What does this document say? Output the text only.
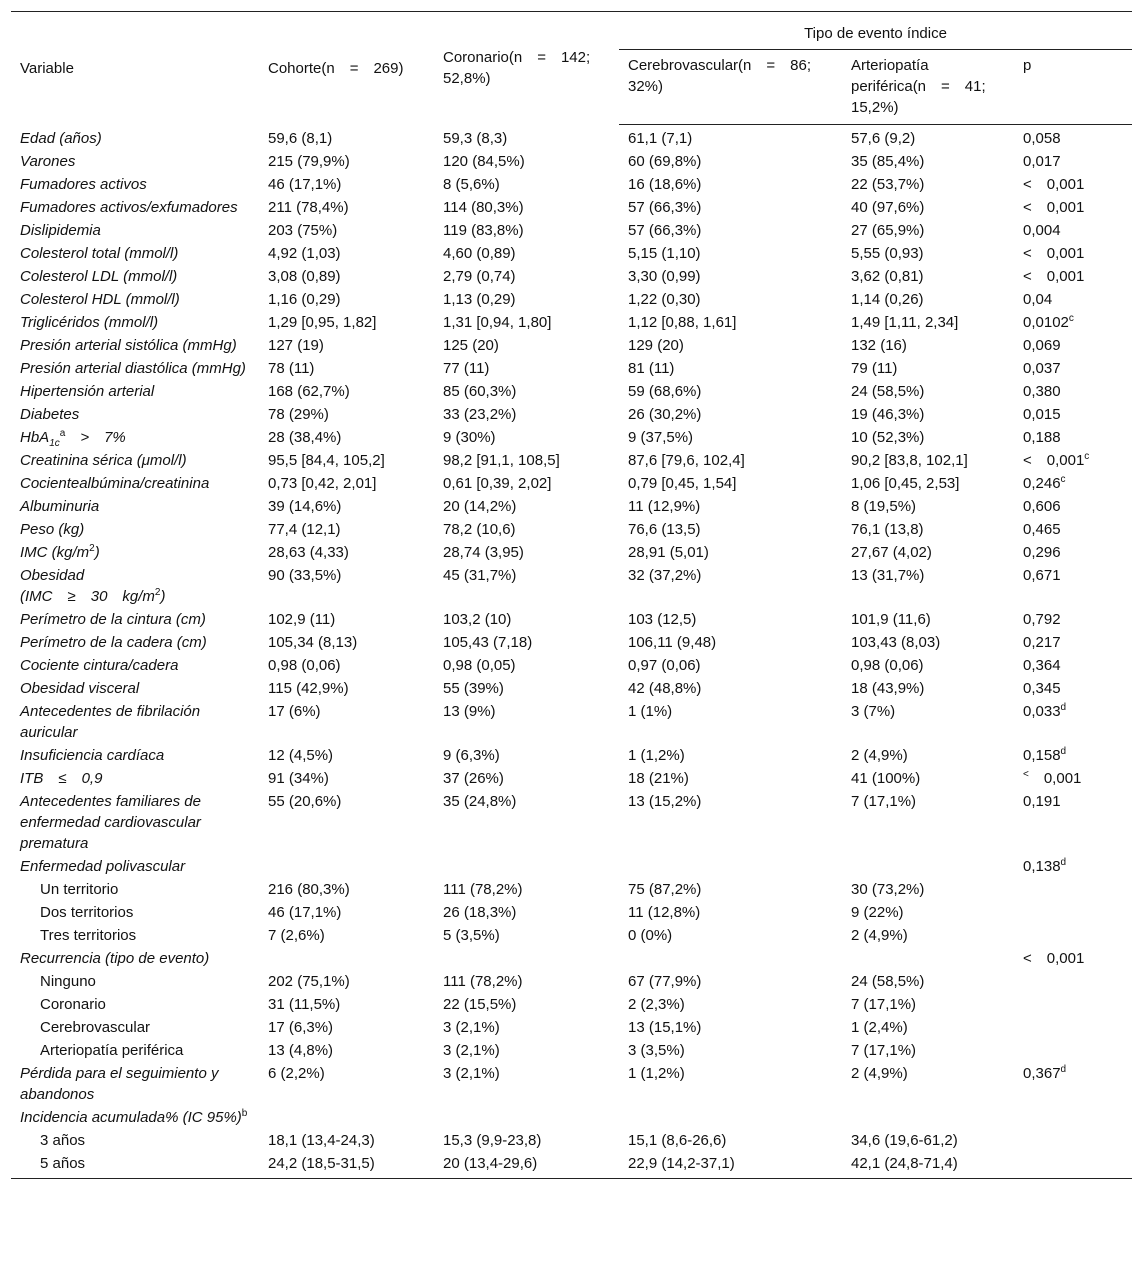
Variable	Cohorte(n = 269)	Coronario(n = 142; 52,8%)	Tipo de evento índice		
			Cerebrovascular(n = 86; 32%)	Arteriopatía periférica(n = 41; 15,2%)	p
Edad (años)	59,6 (8,1)	59,3 (8,3)	61,1 (7,1)	57,6 (9,2)	0,058
Varones	215 (79,9%)	120 (84,5%)	60 (69,8%)	35 (85,4%)	0,017
Fumadores activos	46 (17,1%)	8 (5,6%)	16 (18,6%)	22 (53,7%)	< 0,001
Fumadores activos/exfumadores	211 (78,4%)	114 (80,3%)	57 (66,3%)	40 (97,6%)	< 0,001
Dislipidemia	203 (75%)	119 (83,8%)	57 (66,3%)	27 (65,9%)	0,004
Colesterol total (mmol/l)	4,92 (1,03)	4,60 (0,89)	5,15 (1,10)	5,55 (0,93)	< 0,001
Colesterol LDL (mmol/l)	3,08 (0,89)	2,79 (0,74)	3,30 (0,99)	3,62 (0,81)	< 0,001
Colesterol HDL (mmol/l)	1,16 (0,29)	1,13 (0,29)	1,22 (0,30)	1,14 (0,26)	0,04
Triglicéridos (mmol/l)	1,29 [0,95, 1,82]	1,31 [0,94, 1,80]	1,12 [0,88, 1,61]	1,49 [1,11, 2,34]	0,0102$^c$
Presión arterial sistólica (mmHg)	127 (19)	125 (20)	129 (20)	132 (16)	0,069
Presión arterial diastólica (mmHg)	78 (11)	77 (11)	81 (11)	79 (11)	0,037
Hipertensión arterial	168 (62,7%)	85 (60,3%)	59 (68,6%)	24 (58,5%)	0,380
Diabetes	78 (29%)	33 (23,2%)	26 (30,2%)	19 (46,3%)	0,015
HbA$_{1c}^a$ > 7%	28 (38,4%)	9 (30%)	9 (37,5%)	10 (52,3%)	0,188
Creatinina sérica (μmol/l)	95,5 [84,4, 105,2]	98,2 [91,1, 108,5]	87,6 [79,6, 102,4]	90,2 [83,8, 102,1]	< 0,001$^c$
Cocientealbúmina/creatinina	0,73 [0,42, 2,01]	0,61 [0,39, 2,02]	0,79 [0,45, 1,54]	1,06 [0,45, 2,53]	0,246$^c$
Albuminuria	39 (14,6%)	20 (14,2%)	11 (12,9%)	8 (19,5%)	0,606
Peso (kg)	77,4 (12,1)	78,2 (10,6)	76,6 (13,5)	76,1 (13,8)	0,465
IMC $(kg/m^2)$	28,63 (4,33)	28,74 (3,95)	28,91 (5,01)	27,67 (4,02)	0,296
Obesidad
(IMC ≥ 30 $kg/m^2$)	90 (33,5%)	45 (31,7%)	32 (37,2%)	13 (31,7%)	0,671
Perímetro de la cintura (cm)	102,9 (11)	103,2 (10)	103 (12,5)	101,9 (11,6)	0,792
Perímetro de la cadera (cm)	105,34 (8,13)	105,43 (7,18)	106,11 (9,48)	103,43 (8,03)	0,217
Cociente cintura/cadera	0,98 (0,06)	0,98 (0,05)	0,97 (0,06)	0,98 (0,06)	0,364
Obesidad visceral	115 (42,9%)	55 (39%)	42 (48,8%)	18 (43,9%)	0,345
Antecedentes de fibrilación auricular	17 (6%)	13 (9%)	1 (1%)	3 (7%)	0,033$^d$
Insuficiencia cardíaca	12 (4,5%)	9 (6,3%)	1 (1,2%)	2 (4,9%)	0,158$^d$
ITB ≤ 0,9	91 (34%)	37 (26%)	18 (21%)	41 (100%)	< 0,001
Antecedentes familiares de enfermedad cardiovascular prematura	55 (20,6%)	35 (24,8%)	13 (15,2%)	7 (17,1%)	0,191
Enfermedad polivascular					0,138$^d$
Un territorio	216 (80,3%)	111 (78,2%)	75 (87,2%)	30 (73,2%)	
Dos territorios	46 (17,1%)	26 (18,3%)	11 (12,8%)	9 (22%)	
Tres territorios	7 (2,6%)	5 (3,5%)	0 (0%)	2 (4,9%)	
Recurrencia (tipo de evento)					< 0,001
Ninguno	202 (75,1%)	111 (78,2%)	67 (77,9%)	24 (58,5%)	
Coronario	31 (11,5%)	22 (15,5%)	2 (2,3%)	7 (17,1%)	
Cerebrovascular	17 (6,3%)	3 (2,1%)	13 (15,1%)	1 (2,4%)	
Arteriopatía periférica	13 (4,8%)	3 (2,1%)	3 (3,5%)	7 (17,1%)	
Pérdida para el seguimiento y abandonos	6 (2,2%)	3 (2,1%)	1 (1,2%)	2 (4,9%)	0,367$^d$
Incidencia acumulada% (IC 95%)$^b$					
3 años	18,1 (13,4-24,3)	15,3 (9,9-23,8)	15,1 (8,6-26,6)	34,6 (19,6-61,2)	
5 años	24,2 (18,5-31,5)	20 (13,4-29,6)	22,9 (14,2-37,1)	42,1 (24,8-71,4)	
